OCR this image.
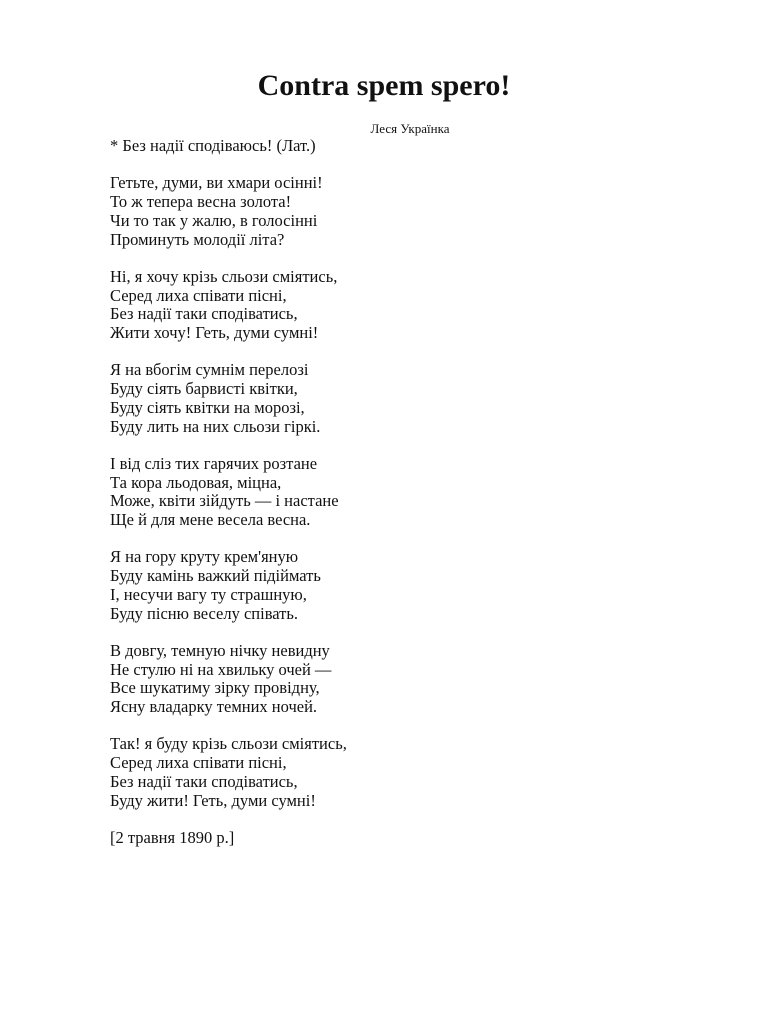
Contra spem spero!
Леся Українка
* Без надії сподіваюсь! (Лат.)
Гетьте, думи, ви хмари осінні!
То ж тепера весна золота!
Чи то так у жалю, в голосінні
Проминуть молодії літа?
Ні, я хочу крізь сльози сміятись,
Серед лиха співати пісні,
Без надії таки сподіватись,
Жити хочу! Геть, думи сумні!
Я на вбогім сумнім перелозі
Буду сіять барвисті квітки,
Буду сіять квітки на морозі,
Буду лить на них сльози гіркі.
І від сліз тих гарячих розтане
Та кора льодовая, міцна,
Може, квіти зійдуть — і настане
Ще й для мене весела весна.
Я на гору круту крем'яную
Буду камінь важкий підіймать
І, несучи вагу ту страшную,
Буду пісню веселу співать.
В довгу, темную нічку невидну
Не стулю ні на хвильку очей —
Все шукатиму зірку провідну,
Ясну владарку темних ночей.
Так! я буду крізь сльози сміятись,
Серед лиха співати пісні,
Без надії таки сподіватись,
Буду жити! Геть, думи сумні!
[2 травня 1890 р.]
